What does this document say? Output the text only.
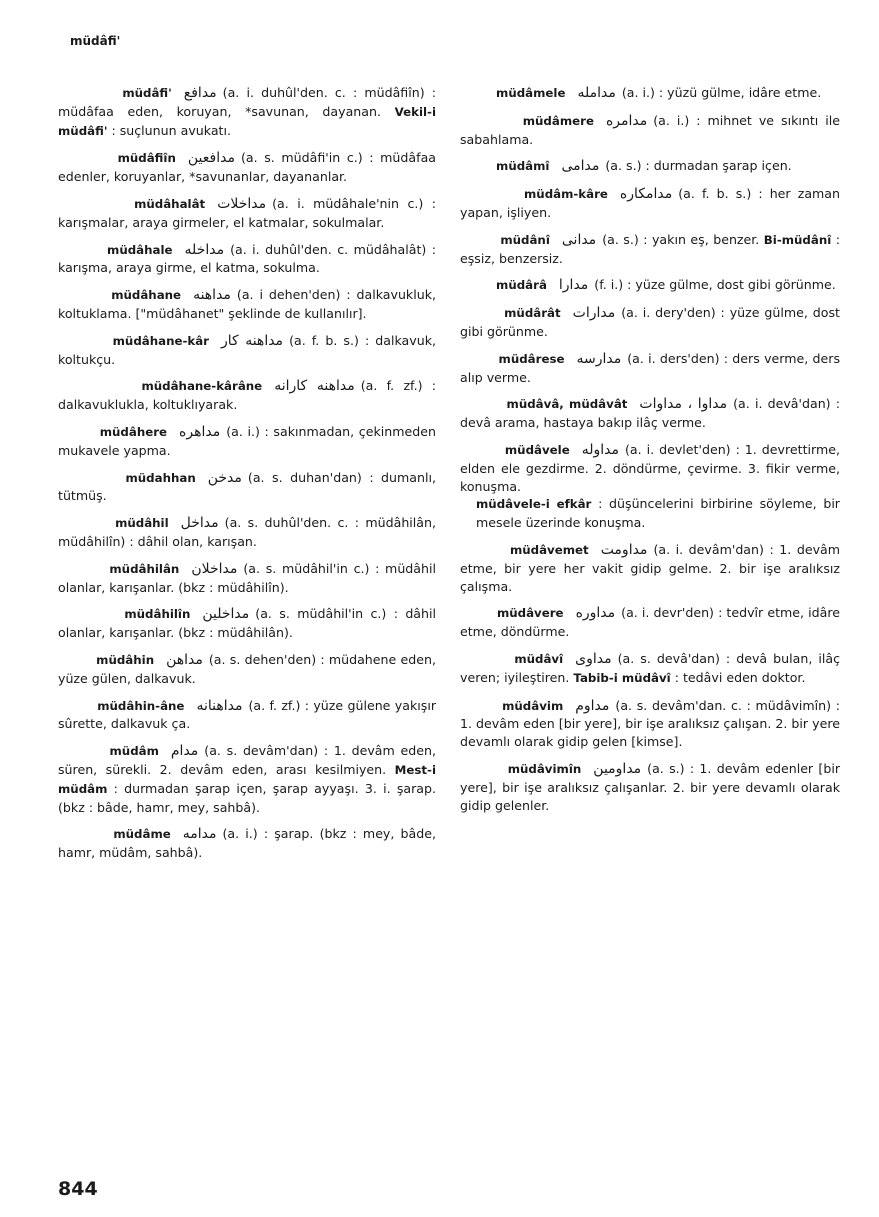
müdâfi'
müdâfi' مدافع (a. i. duhûl'den. c. : müdâfiîn) : müdâfaa eden, koruyan, *savunan, dayanan. Vekil-i müdâfi' : suçlunun avukatı.
müdâfiîn مدافعين (a. s. müdâfi'in c.) : müdâfaa edenler, koruyanlar, *savunanlar, dayananlar.
müdâhalât مداخلات (a. i. müdâhale'nin c.) : karışmalar, araya girmeler, el katmalar, sokulmalar.
müdâhale مداخله (a. i. duhûl'den. c. müdâhalât) : karışma, araya girme, el katma, sokulma.
müdâhane مداهنه (a. i dehen'den) : dalkavukluk, koltuklama. ["müdâhanet" şeklinde de kullanılır].
müdâhane-kâr مداهنه كار (a. f. b. s.) : dalkavuk, koltukçu.
müdâhane-kârâne مداهنه كارانه (a. f. zf.) : dalkavuklukla, koltuklıyarak.
müdâhere مداهره (a. i.) : sakınmadan, çekinmeden mukavele yapma.
müdahhan مدخن (a. s. duhan'dan) : dumanlı, tütmüş.
müdâhil مداخل (a. s. duhûl'den. c. : müdâhilân, müdâhilîn) : dâhil olan, karışan.
müdâhilân مداخلان (a. s. müdâhil'in c.) : müdâhil olanlar, karışanlar. (bkz : müdâhilîn).
müdâhilîn مداخلين (a. s. müdâhil'in c.) : dâhil olanlar, karışanlar. (bkz : müdâhilân).
müdâhin مداهن (a. s. dehen'den) : müdahene eden, yüze gülen, dalkavuk.
müdâhin-âne مداهنانه (a. f. zf.) : yüze gülene yakışır sûrette, dalkavuk ça.
müdâm مدام (a. s. devâm'dan) : 1. devâm eden, süren, sürekli. 2. devâm eden, arası kesilmiyen. Mest-i müdâm : durmadan şarap içen, şarap ayyaşı. 3. i. şarap. (bkz : bâde, hamr, mey, sahbâ).
müdâme مدامه (a. i.) : şarap. (bkz : mey, bâde, hamr, müdâm, sahbâ).
müdâmele مدامله (a. i.) : yüzü gülme, idâre etme.
müdâmere مدامره (a. i.) : mihnet ve sıkıntı ile sabahlama.
müdâmî مدامى (a. s.) : durmadan şarap içen.
müdâm-kâre مدامكاره (a. f. b. s.) : her zaman yapan, işliyen.
müdânî مدانى (a. s.) : yakın eş, benzer. Bi-müdânî : eşsiz, benzersiz.
müdârâ مدارا (f. i.) : yüze gülme, dost gibi görünme.
müdârât مدارات (a. i. dery'den) : yüze gülme, dost gibi görünme.
müdârese مدارسه (a. i. ders'den) : ders verme, ders alıp verme.
müdâvâ, müdâvât مداوا ، مداوات (a. i. devâ'dan) : devâ arama, hastaya bakıp ilâç verme.
müdâvele مداوله (a. i. devlet'den) : 1. devrettirme, elden ele gezdirme. 2. döndürme, çevirme. 3. fikir verme, konuşma.
müdâvele-i efkâr : düşüncelerini birbirine söyleme, bir mesele üzerinde konuşma.
müdâvemet مداومت (a. i. devâm'dan) : 1. devâm etme, bir yere her vakit gidip gelme. 2. bir işe aralıksız çalışma.
müdâvere مداوره (a. i. devr'den) : tedvîr etme, idâre etme, döndürme.
müdâvî مداوى (a. s. devâ'dan) : devâ bulan, ilâç veren; iyileştiren. Tabib-i müdâvî : tedâvi eden doktor.
müdâvim مداوم (a. s. devâm'dan. c. : müdâvimîn) : 1. devâm eden [bir yere], bir işe aralıksız çalışan. 2. bir yere devamlı olarak gidip gelen [kimse].
müdâvimîn مداومين (a. s.) : 1. devâm edenler [bir yere], bir işe aralıksız çalışanlar. 2. bir yere devamlı olarak gidip gelenler.
844
